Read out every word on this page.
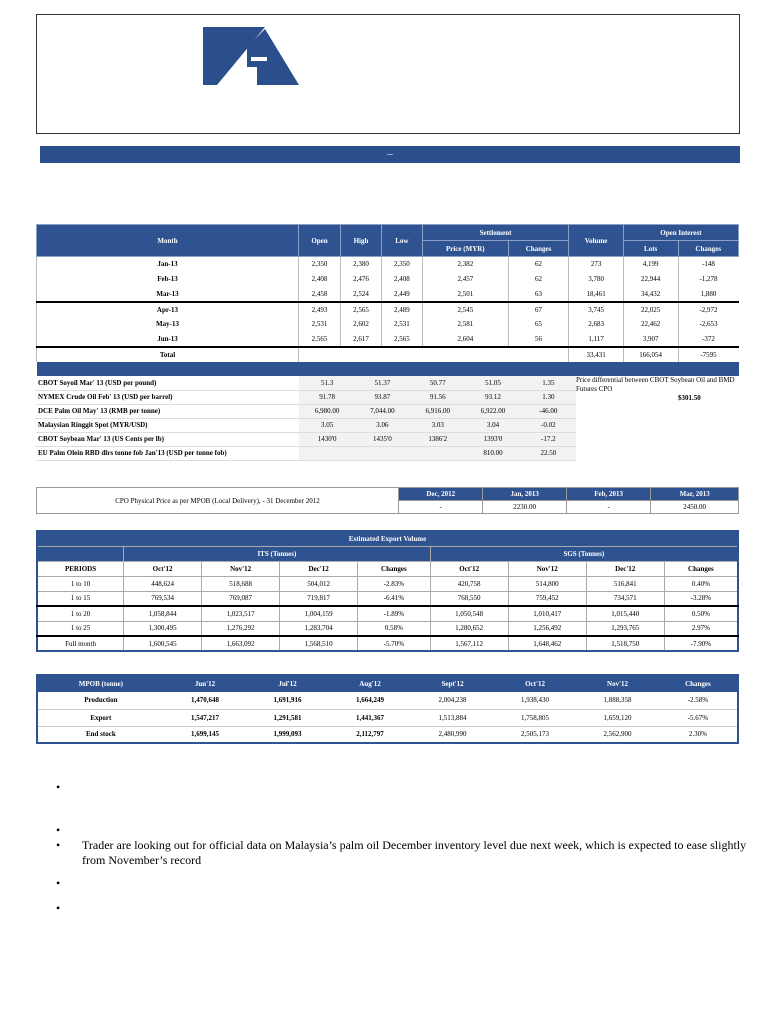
–
Month	Open	High	Low	Settlement		Volume	Open Interest	
				Price (MYR)	Changes		Lots	Changes
Jan-13	2,350	2,380	2,350	2,382	62	273	4,199	-148
Feb-13	2,408	2,476	2,408	2,457	62	3,780	22,944	-1,278
Mar-13	2,458	2,524	2,449	2,501	63	18,461	34,432	1,880
Apr-13	2,493	2,565	2,489	2,545	67	3,745	22,025	-2,972
May-13	2,531	2,602	2,531	2,581	65	2,683	22,462	-2,653
Jun-13	2,565	2,617	2,565	2,604	56	1,117	3,907	-372
Total						33,431	166,054	-7595

CBOT Soyoil Mar' 13 (USD per pound)	51.3	51.37	50.77	51.05	1.35
NYMEX Crude Oil Feb' 13 (USD per barrel)	91.78	93.87	91.56	93.12	1.30
DCE Palm Oil May' 13 (RMB per tonne)	6,980.00	7,044.00	6,916.00	6,922.00	-46.00
Malaysian Ringgit Spot (MYR/USD)	3.05	3.06	3.03	3.04	-0.02
CBOT Soybean Mar' 13 (US Cents per lb)	1430'0	1435'0	1386'2	1393'0	-17.2
EU Palm Olein RBD dlrs tonne fob Jan'13 (USD per tonne fob)				810.00	22.50
Price differential between CBOT Soybean Oil and BMD Futures CPO
$301.50
CPO Physical Price as per MPOB (Local Delivery), - 31 December 2012	Dec, 2012	Jan, 2013	Feb, 2013	Mar, 2013
	-	2230.00	-	2450.00
Estimated Export Volume								
	ITS (Tonnes)				SGS (Tonnes)			
PERIODS	Oct'12	Nov'12	Dec'12	Changes	Oct'12	Nov'12	Dec'12	Changes
1 to 10	448,624	518,688	504,012	-2.83%	420,758	514,800	516,841	0.40%
1 to 15	769,534	769,087	719,817	-6.41%	768,550	759,452	734,571	-3.28%
1 to 20	1,058,844	1,023,517	1,004,159	-1.89%	1,050,548	1,010,417	1,015,440	0.50%
1 to 25	1,300,495	1,276,292	1,283,704	0.58%	1,280,652	1,256,492	1,293,765	2.97%
Full month	1,600,545	1,663,092	1,568,510	-5.70%	1,567,112	1,648,462	1,518,750	-7.90%
MPOB (tonne)	Jun'12	Jul'12	Aug'12	Sept'12	Oct'12	Nov'12	Changes
Production	1,470,648	1,691,916	1,664,249	2,004,238	1,938,430	1,888,358	-2.58%
Export	1,547,217	1,291,581	1,441,367	1,513,884	1,758,805	1,659,120	-5.67%
End stock	1,699,145	1,999,093	2,112,797	2,480,990	2,505,173	2,562,900	2.30%
•
•
• Trader are looking out for official data on Malaysia’s palm oil December inventory level due next week, which is expected to ease slightly from November’s record
•
•
